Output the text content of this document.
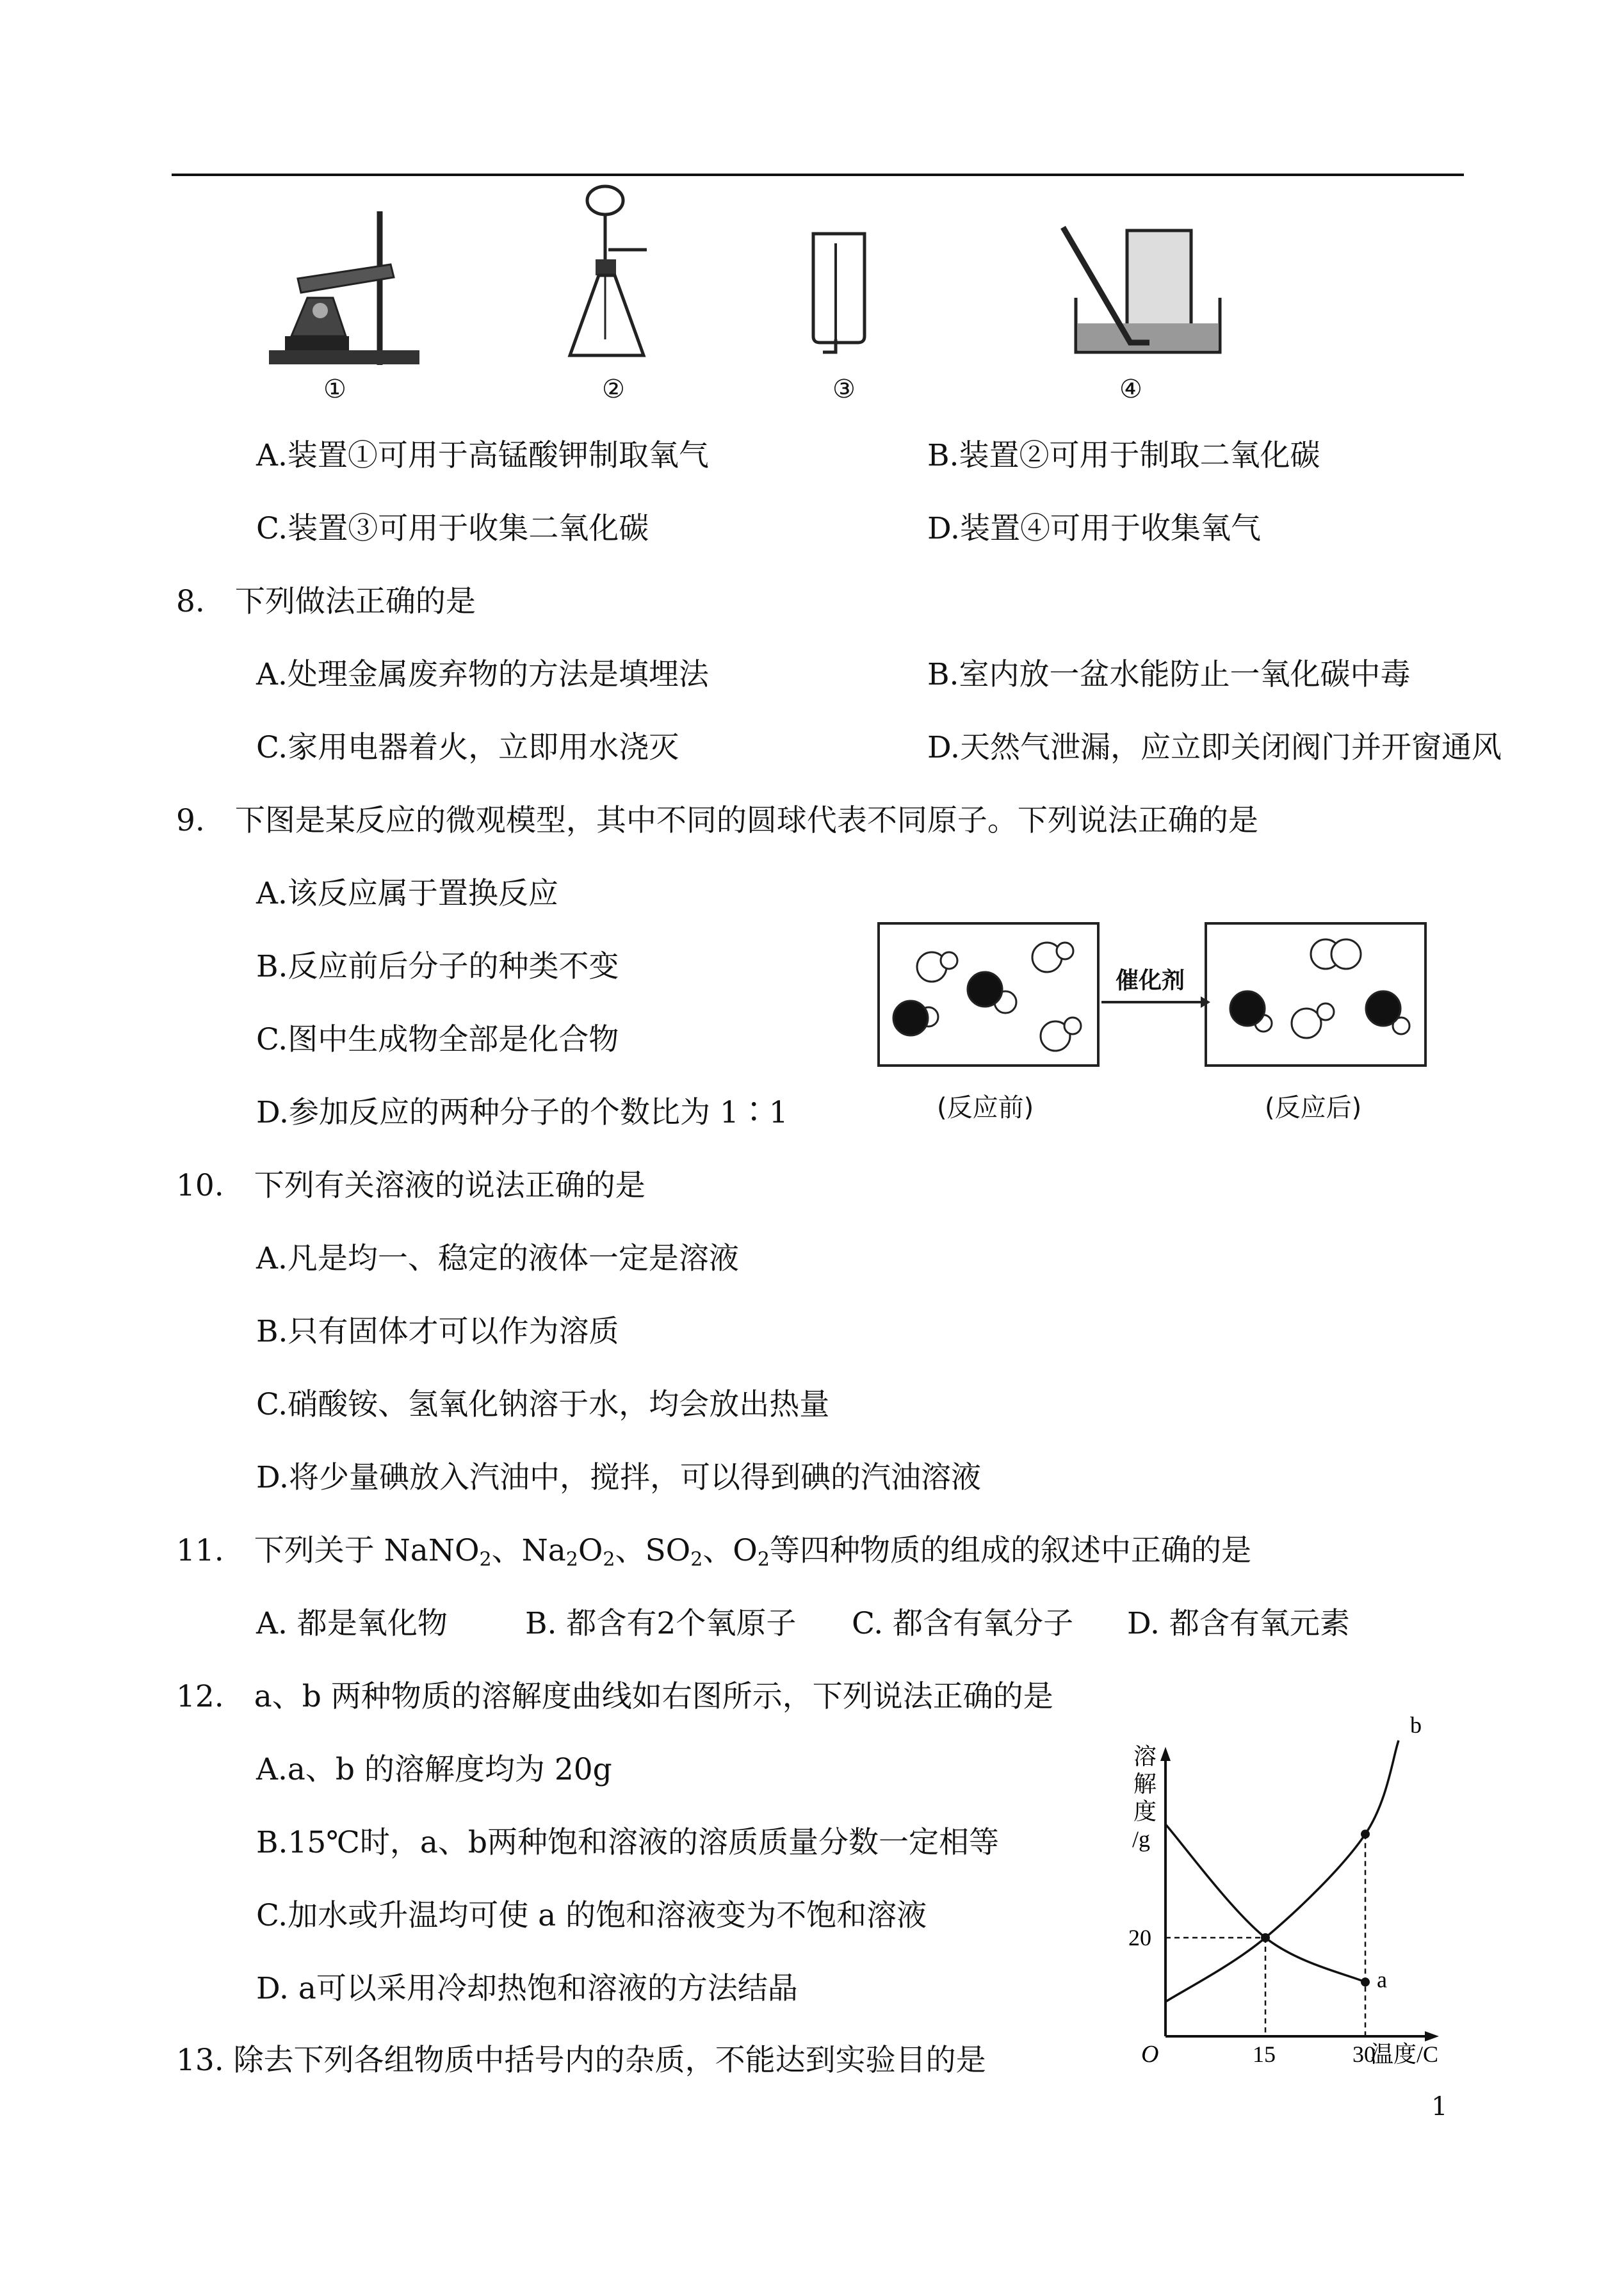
①	②	③	④
A.装置①可用于高锰酸钾制取氧气	B.装置②可用于制取二氧化碳
C.装置③可用于收集二氧化碳	D.装置④可用于收集氧气
8.　下列做法正确的是
A.处理金属废弃物的方法是填埋法	B.室内放一盆水能防止一氧化碳中毒
C.家用电器着火，立即用水浇灭	D.天然气泄漏，应立即关闭阀门并开窗通风
9.　下图是某反应的微观模型，其中不同的圆球代表不同原子。下列说法正确的是
A.该反应属于置换反应
B.反应前后分子的种类不变
C.图中生成物全部是化合物
D.参加反应的两种分子的个数比为 1∶1
催化剂
(反应前)	(反应后)
10.　下列有关溶液的说法正确的是
A.凡是均一、稳定的液体一定是溶液
B.只有固体才可以作为溶质
C.硝酸铵、氢氧化钠溶于水，均会放出热量
D.将少量碘放入汽油中，搅拌，可以得到碘的汽油溶液
11.　下列关于 NaNO$_2$、$Na_2O_2$、$SO_2$、$O_2$等四种物质的组成的叙述中正确的是
A. 都是氧化物	B. 都含有2个氧原子 C. 都含有氧分子 D. 都含有氧元素
12.　a、b 两种物质的溶解度曲线如右图所示，下列说法正确的是
A.a、b 的溶解度均为 20g
B.15℃时，a、b两种饱和溶液的溶质质量分数一定相等
C.加水或升温均可使 a 的饱和溶液变为不饱和溶液
D. a可以采用冷却热饱和溶液的方法结晶
13. 除去下列各组物质中括号内的杂质，不能达到实验目的是
溶
解
度
/g
O	温度/C
20
15	30
a
b
1
